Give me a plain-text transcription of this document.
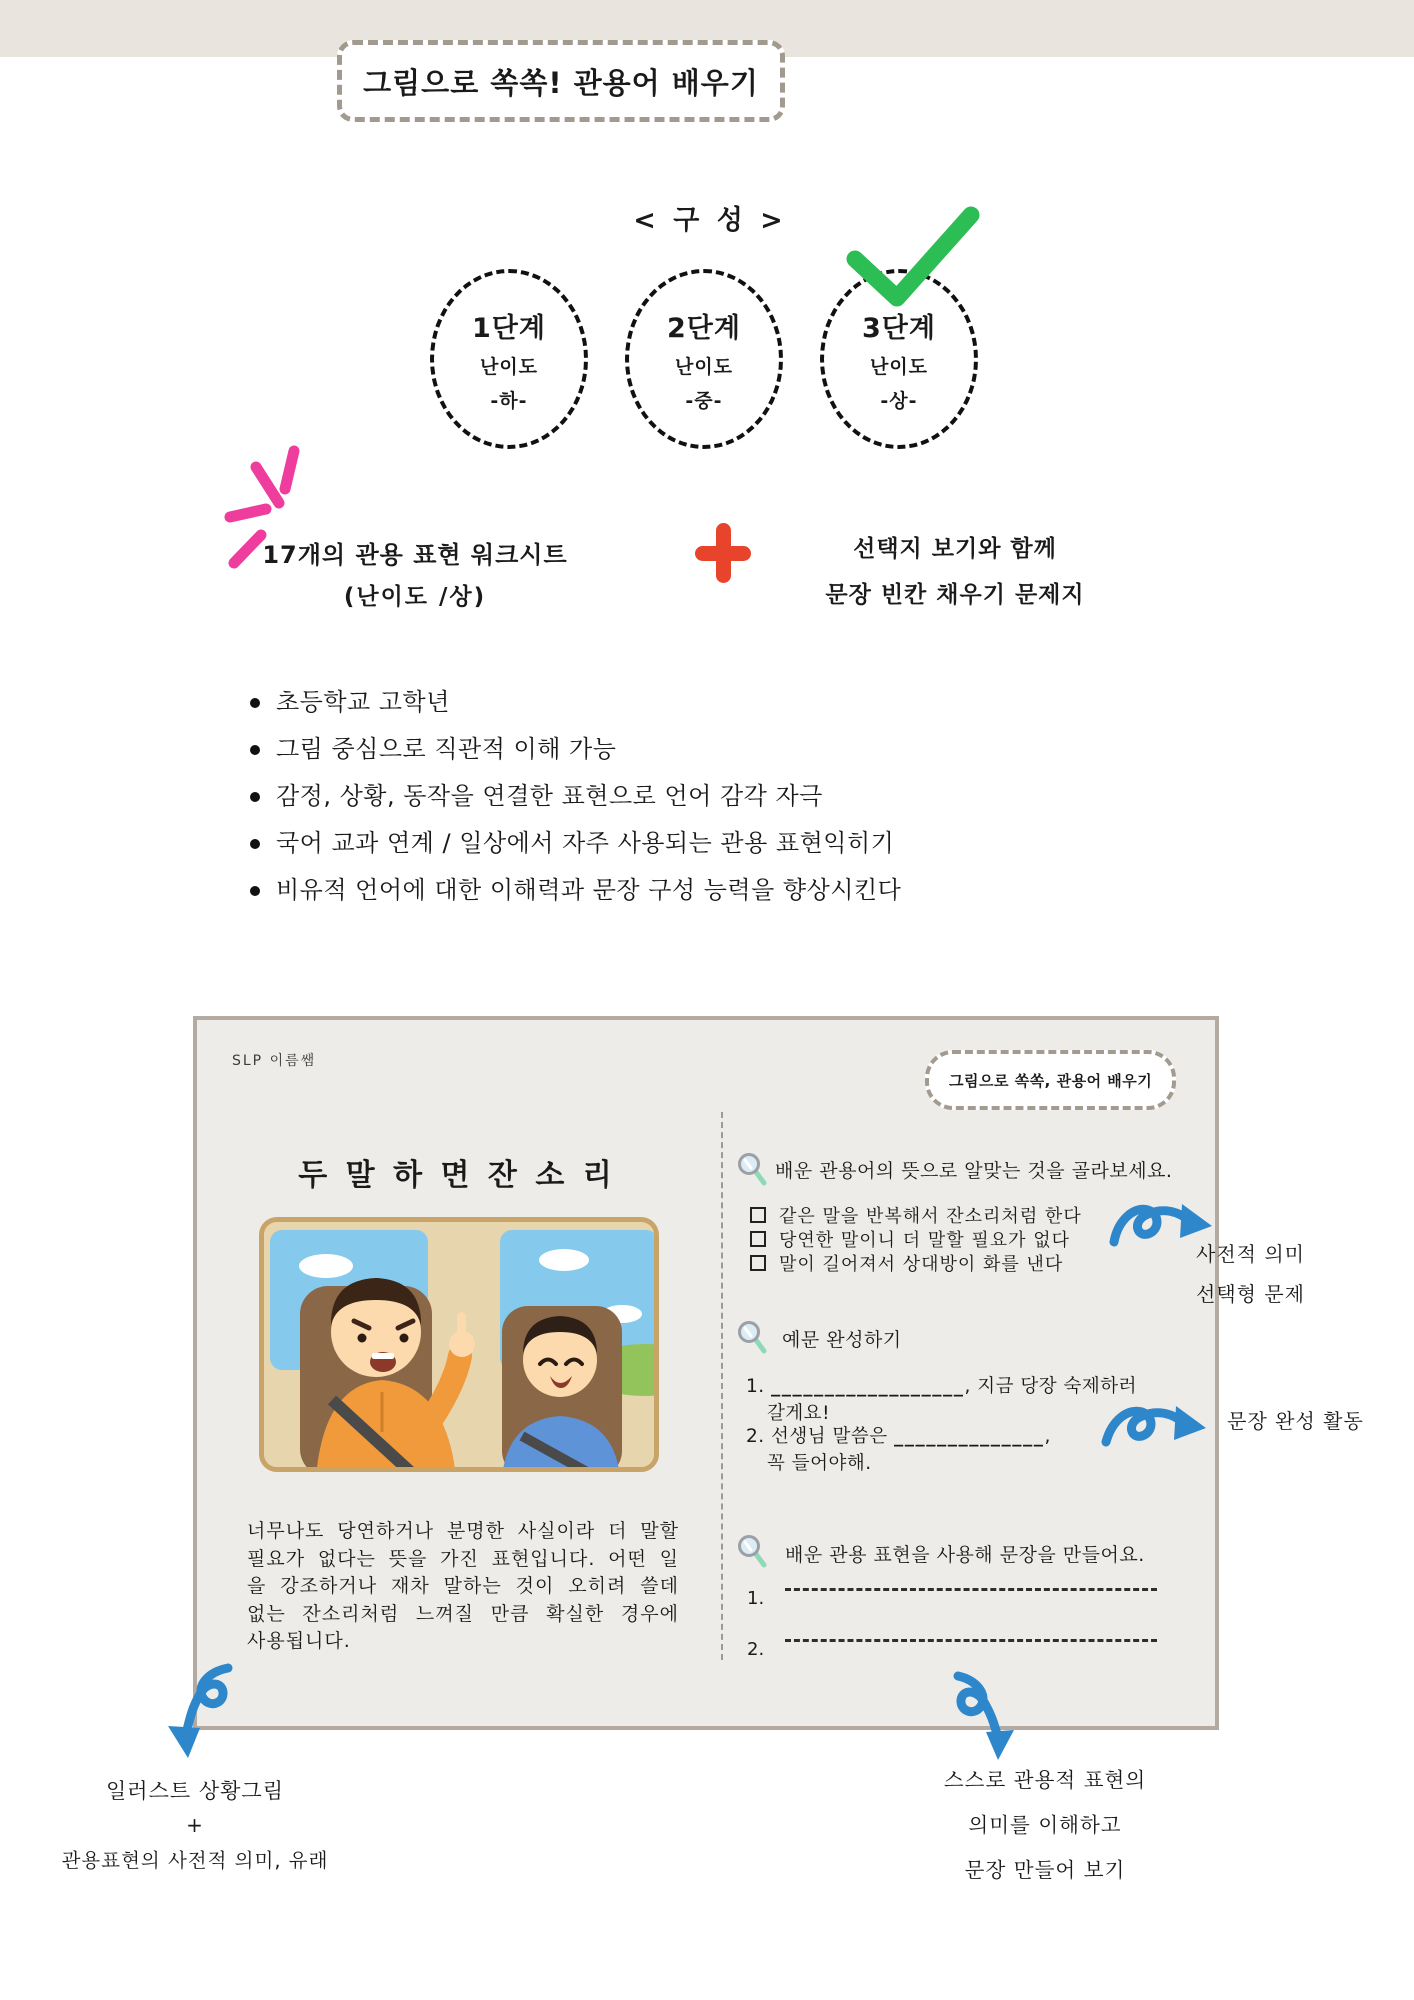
그림으로 쏙쏙! 관용어 배우기
< 구 성 >
1단계
난이도
-하-
2단계
난이도
-중-
3단계
난이도
-상-
17개의 관용 표현 워크시트
(난이도 /상)
선택지 보기와 함께
문장 빈칸 채우기 문제지
초등학교 고학년
그림 중심으로 직관적 이해 가능
감정, 상황, 동작을 연결한 표현으로 언어 감각 자극
국어 교과 연계 / 일상에서 자주 사용되는 관용 표현익히기
비유적 언어에 대한 이해력과 문장 구성 능력을 향상시킨다
SLP 이름쌤
그림으로 쏙쏙, 관용어 배우기
두 말 하 면 잔 소 리
너무나도 당연하거나 분명한 사실이라 더 말할 필요가 없다는 뜻을 가진 표현입니다. 어떤 일을 강조하거나 재차 말하는 것이 오히려 쓸데없는 잔소리처럼 느껴질 만큼 확실한 경우에 사용됩니다.
배운 관용어의 뜻으로 알맞는 것을 골라보세요.
같은 말을 반복해서 잔소리처럼 한다
당연한 말이니 더 말할 필요가 없다
말이 길어져서 상대방이 화를 낸다
예문 완성하기
1. __________________, 지금 당장 숙제하러
갈게요!
2. 선생님 말씀은 ______________,
꼭 들어야해.
배운 관용 표현을 사용해 문장을 만들어요.
1.
2.
사전적 의미
선택형 문제
문장 완성 활동
일러스트 상황그림
+
관용표현의 사전적 의미, 유래
스스로 관용적 표현의
의미를 이해하고
문장 만들어 보기
